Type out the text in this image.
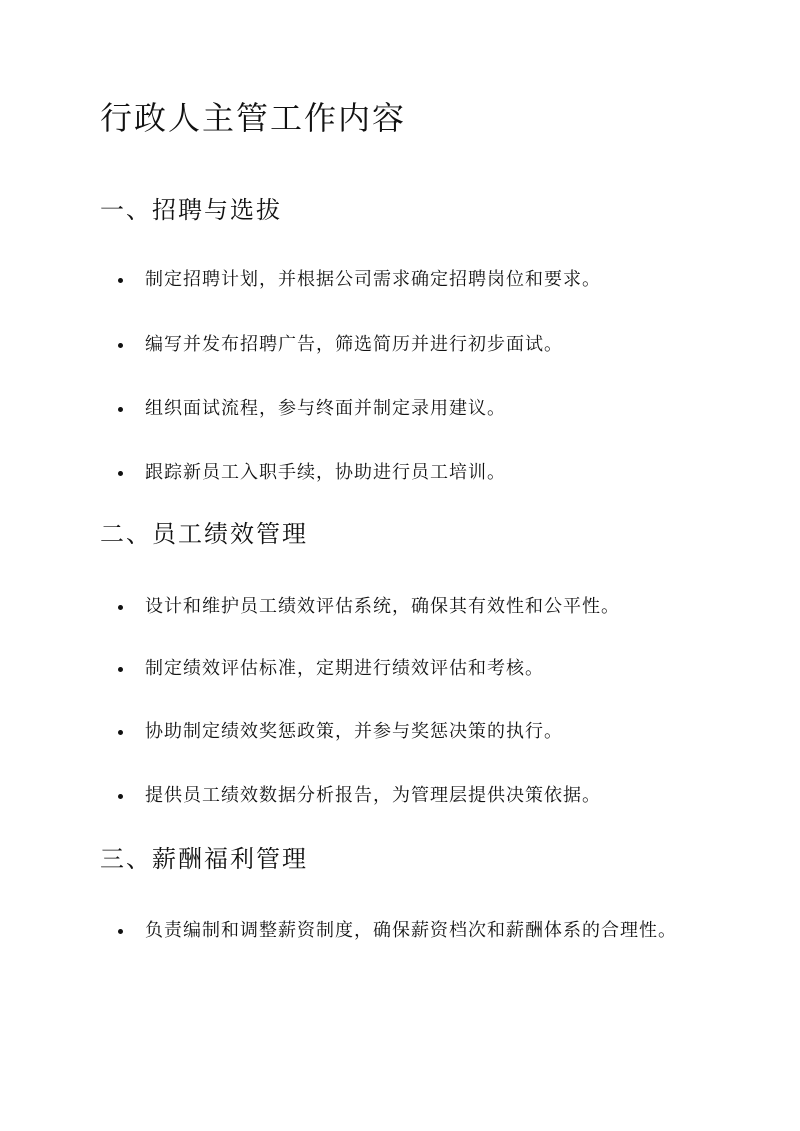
行政人主管工作内容
一、招聘与选拔
制定招聘计划，并根据公司需求确定招聘岗位和要求。
编写并发布招聘广告，筛选简历并进行初步面试。
组织面试流程，参与终面并制定录用建议。
跟踪新员工入职手续，协助进行员工培训。
二、员工绩效管理
设计和维护员工绩效评估系统，确保其有效性和公平性。
制定绩效评估标准，定期进行绩效评估和考核。
协助制定绩效奖惩政策，并参与奖惩决策的执行。
提供员工绩效数据分析报告，为管理层提供决策依据。
三、薪酬福利管理
负责编制和调整薪资制度，确保薪资档次和薪酬体系的合理性。
